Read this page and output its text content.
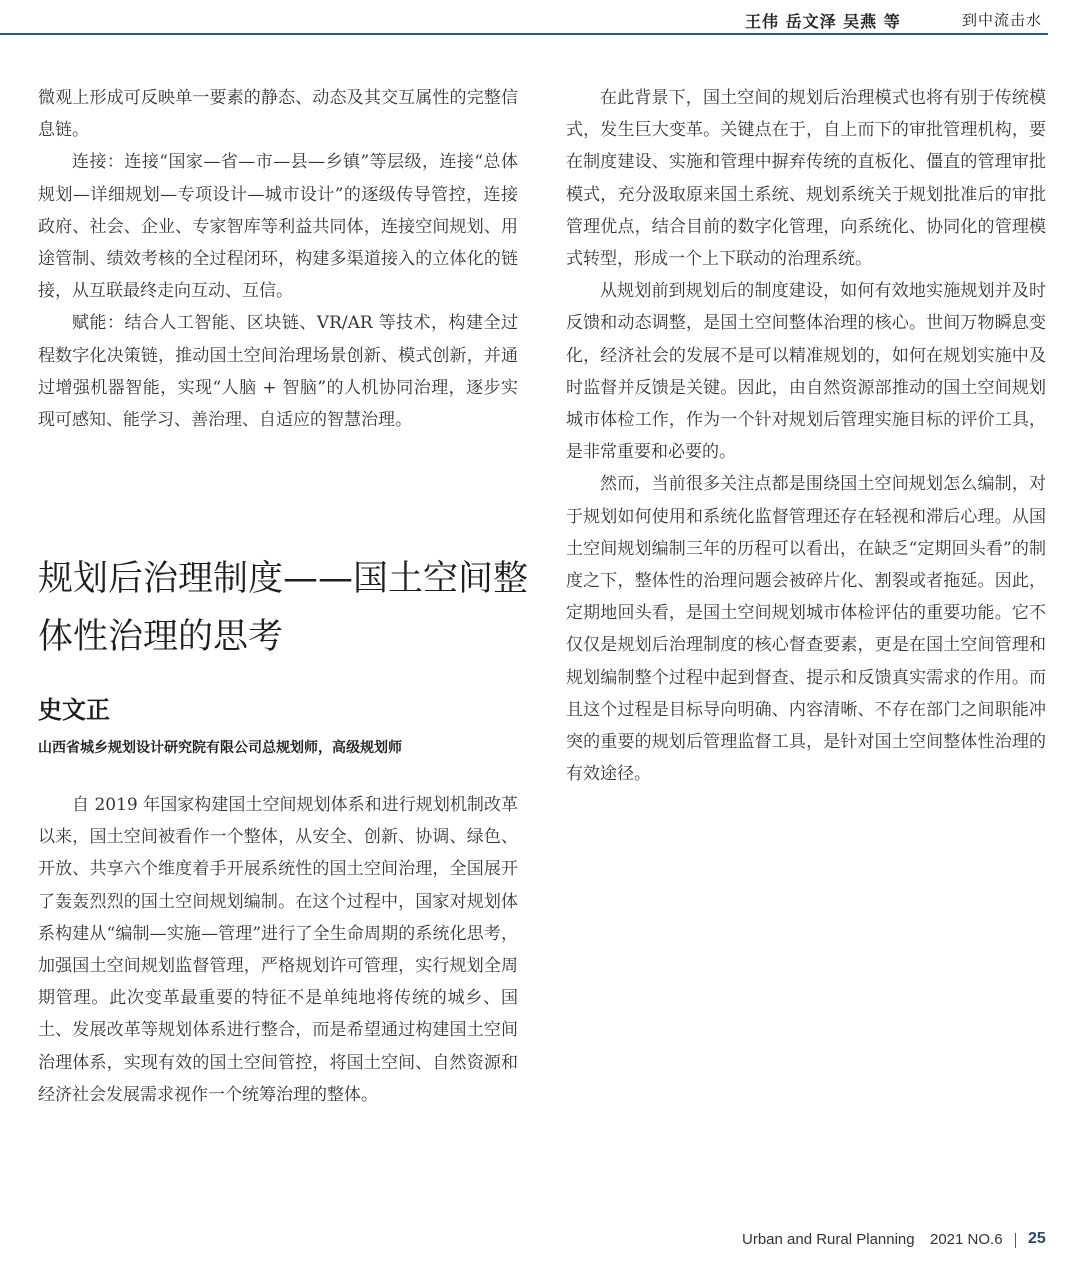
王伟 岳文泽 吴燕 等	到中流击水

微观上形成可反映单一要素的静态、动态及其交互属性的完整信息链。

连接：连接“国家—省—市—县—乡镇”等层级，连接“总体规划—详细规划—专项设计—城市设计”的逐级传导管控，连接政府、社会、企业、专家智库等利益共同体，连接空间规划、用途管制、绩效考核的全过程闭环，构建多渠道接入的立体化的链接，从互联最终走向互动、互信。

赋能：结合人工智能、区块链、VR/AR 等技术，构建全过程数字化决策链，推动国土空间治理场景创新、模式创新，并通过增强机器智能，实现“人脑 + 智脑”的人机协同治理，逐步实现可感知、能学习、善治理、自适应的智慧治理。

规划后治理制度——国土空间整体性治理的思考
史文正
山西省城乡规划设计研究院有限公司总规划师，高级规划师

自 2019 年国家构建国土空间规划体系和进行规划机制改革以来，国土空间被看作一个整体，从安全、创新、协调、绿色、开放、共享六个维度着手开展系统性的国土空间治理，全国展开了轰轰烈烈的国土空间规划编制。在这个过程中，国家对规划体系构建从“编制—实施—管理”进行了全生命周期的系统化思考，加强国土空间规划监督管理，严格规划许可管理，实行规划全周期管理。此次变革最重要的特征不是单纯地将传统的城乡、国土、发展改革等规划体系进行整合，而是希望通过构建国土空间治理体系，实现有效的国土空间管控，将国土空间、自然资源和经济社会发展需求视作一个统筹治理的整体。

在此背景下，国土空间的规划后治理模式也将有别于传统模式，发生巨大变革。关键点在于，自上而下的审批管理机构，要在制度建设、实施和管理中摒弃传统的直板化、僵直的管理审批模式，充分汲取原来国土系统、规划系统关于规划批准后的审批管理优点，结合目前的数字化管理，向系统化、协同化的管理模式转型，形成一个上下联动的治理系统。

从规划前到规划后的制度建设，如何有效地实施规划并及时反馈和动态调整，是国土空间整体治理的核心。世间万物瞬息变化，经济社会的发展不是可以精准规划的，如何在规划实施中及时监督并反馈是关键。因此，由自然资源部推动的国土空间规划城市体检工作，作为一个针对规划后管理实施目标的评价工具，是非常重要和必要的。

然而，当前很多关注点都是围绕国土空间规划怎么编制，对于规划如何使用和系统化监督管理还存在轻视和滞后心理。从国土空间规划编制三年的历程可以看出，在缺乏“定期回头看”的制度之下，整体性的治理问题会被碎片化、割裂或者拖延。因此，定期地回头看，是国土空间规划城市体检评估的重要功能。它不仅仅是规划后治理制度的核心督查要素，更是在国土空间管理和规划编制整个过程中起到督查、提示和反馈真实需求的作用。而且这个过程是目标导向明确、内容清晰、不存在部门之间职能冲突的重要的规划后管理监督工具，是针对国土空间整体性治理的有效途径。

Urban and Rural Planning 2021 NO.6 25
